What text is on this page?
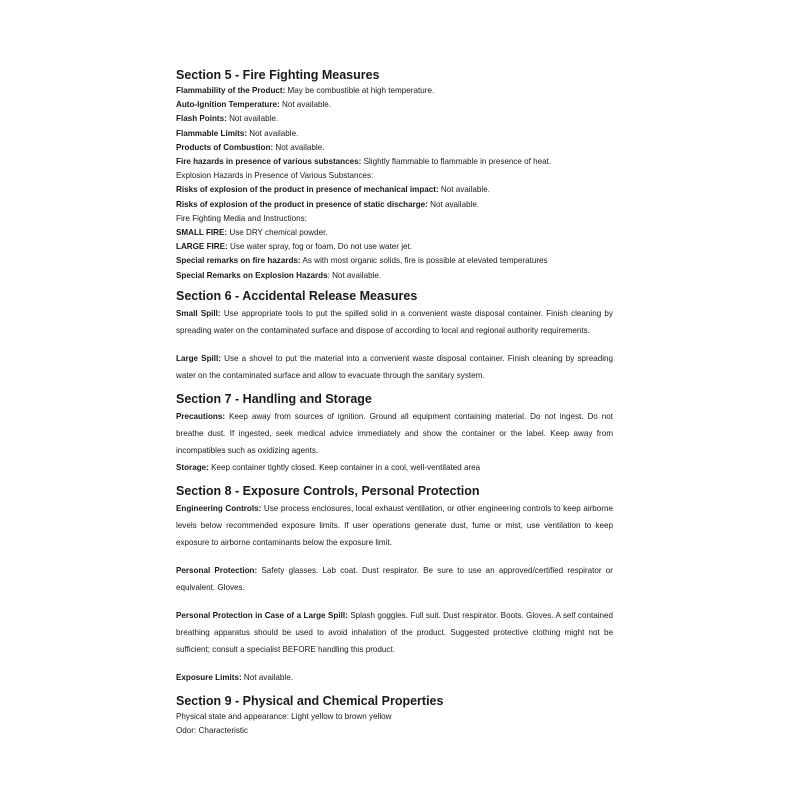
Section 5 - Fire Fighting Measures

Flammability of the Product: May be combustible at high temperature.

Auto-Ignition Temperature: Not available.

Flash Points: Not available.

Flammable Limits: Not available.

Products of Combustion: Not available.

Fire hazards in presence of various substances: Slightly flammable to flammable in presence of heat.

Explosion Hazards in Presence of Various Substances:

Risks of explosion of the product in presence of mechanical impact: Not available.

Risks of explosion of the product in presence of static discharge: Not available.

Fire Fighting Media and Instructions:

SMALL FIRE: Use DRY chemical powder.

LARGE FIRE: Use water spray, fog or foam. Do not use water jet.

Special remarks on fire hazards: As with most organic solids, fire is possible at elevated temperatures

Special Remarks on Explosion Hazards: Not available.

Section 6 - Accidental Release Measures

Small Spill: Use appropriate tools to put the spilled solid in a convenient waste disposal container. Finish cleaning by spreading water on the contaminated surface and dispose of according to local and regional authority requirements.

Large Spill: Use a shovel to put the material into a convenient waste disposal container. Finish cleaning by spreading water on the contaminated surface and allow to evacuate through the sanitary system.

Section 7 - Handling and Storage

Precautions: Keep away from sources of ignition. Ground all equipment containing material. Do not ingest. Do not breathe dust. If ingested, seek medical advice immediately and show the container or the label. Keep away from incompatibles such as oxidizing agents.

Storage: Keep container tightly closed. Keep container in a cool, well-ventilated area

Section 8 - Exposure Controls, Personal Protection

Engineering Controls: Use process enclosures, local exhaust ventilation, or other engineering controls to keep airborne levels below recommended exposure limits. If user operations generate dust, fume or mist, use ventilation to keep exposure to airborne contaminants below the exposure limit.

Personal Protection: Safety glasses. Lab coat. Dust respirator. Be sure to use an approved/certified respirator or equivalent. Gloves.

Personal Protection in Case of a Large Spill: Splash goggles. Full suit. Dust respirator. Boots. Gloves. A self contained breathing apparatus should be used to avoid inhalation of the product. Suggested protective clothing might not be sufficient; consult a specialist BEFORE handling this product.

Exposure Limits: Not available.

Section 9 - Physical and Chemical Properties

Physical state and appearance: Light yellow to brown yellow

Odor: Characteristic
